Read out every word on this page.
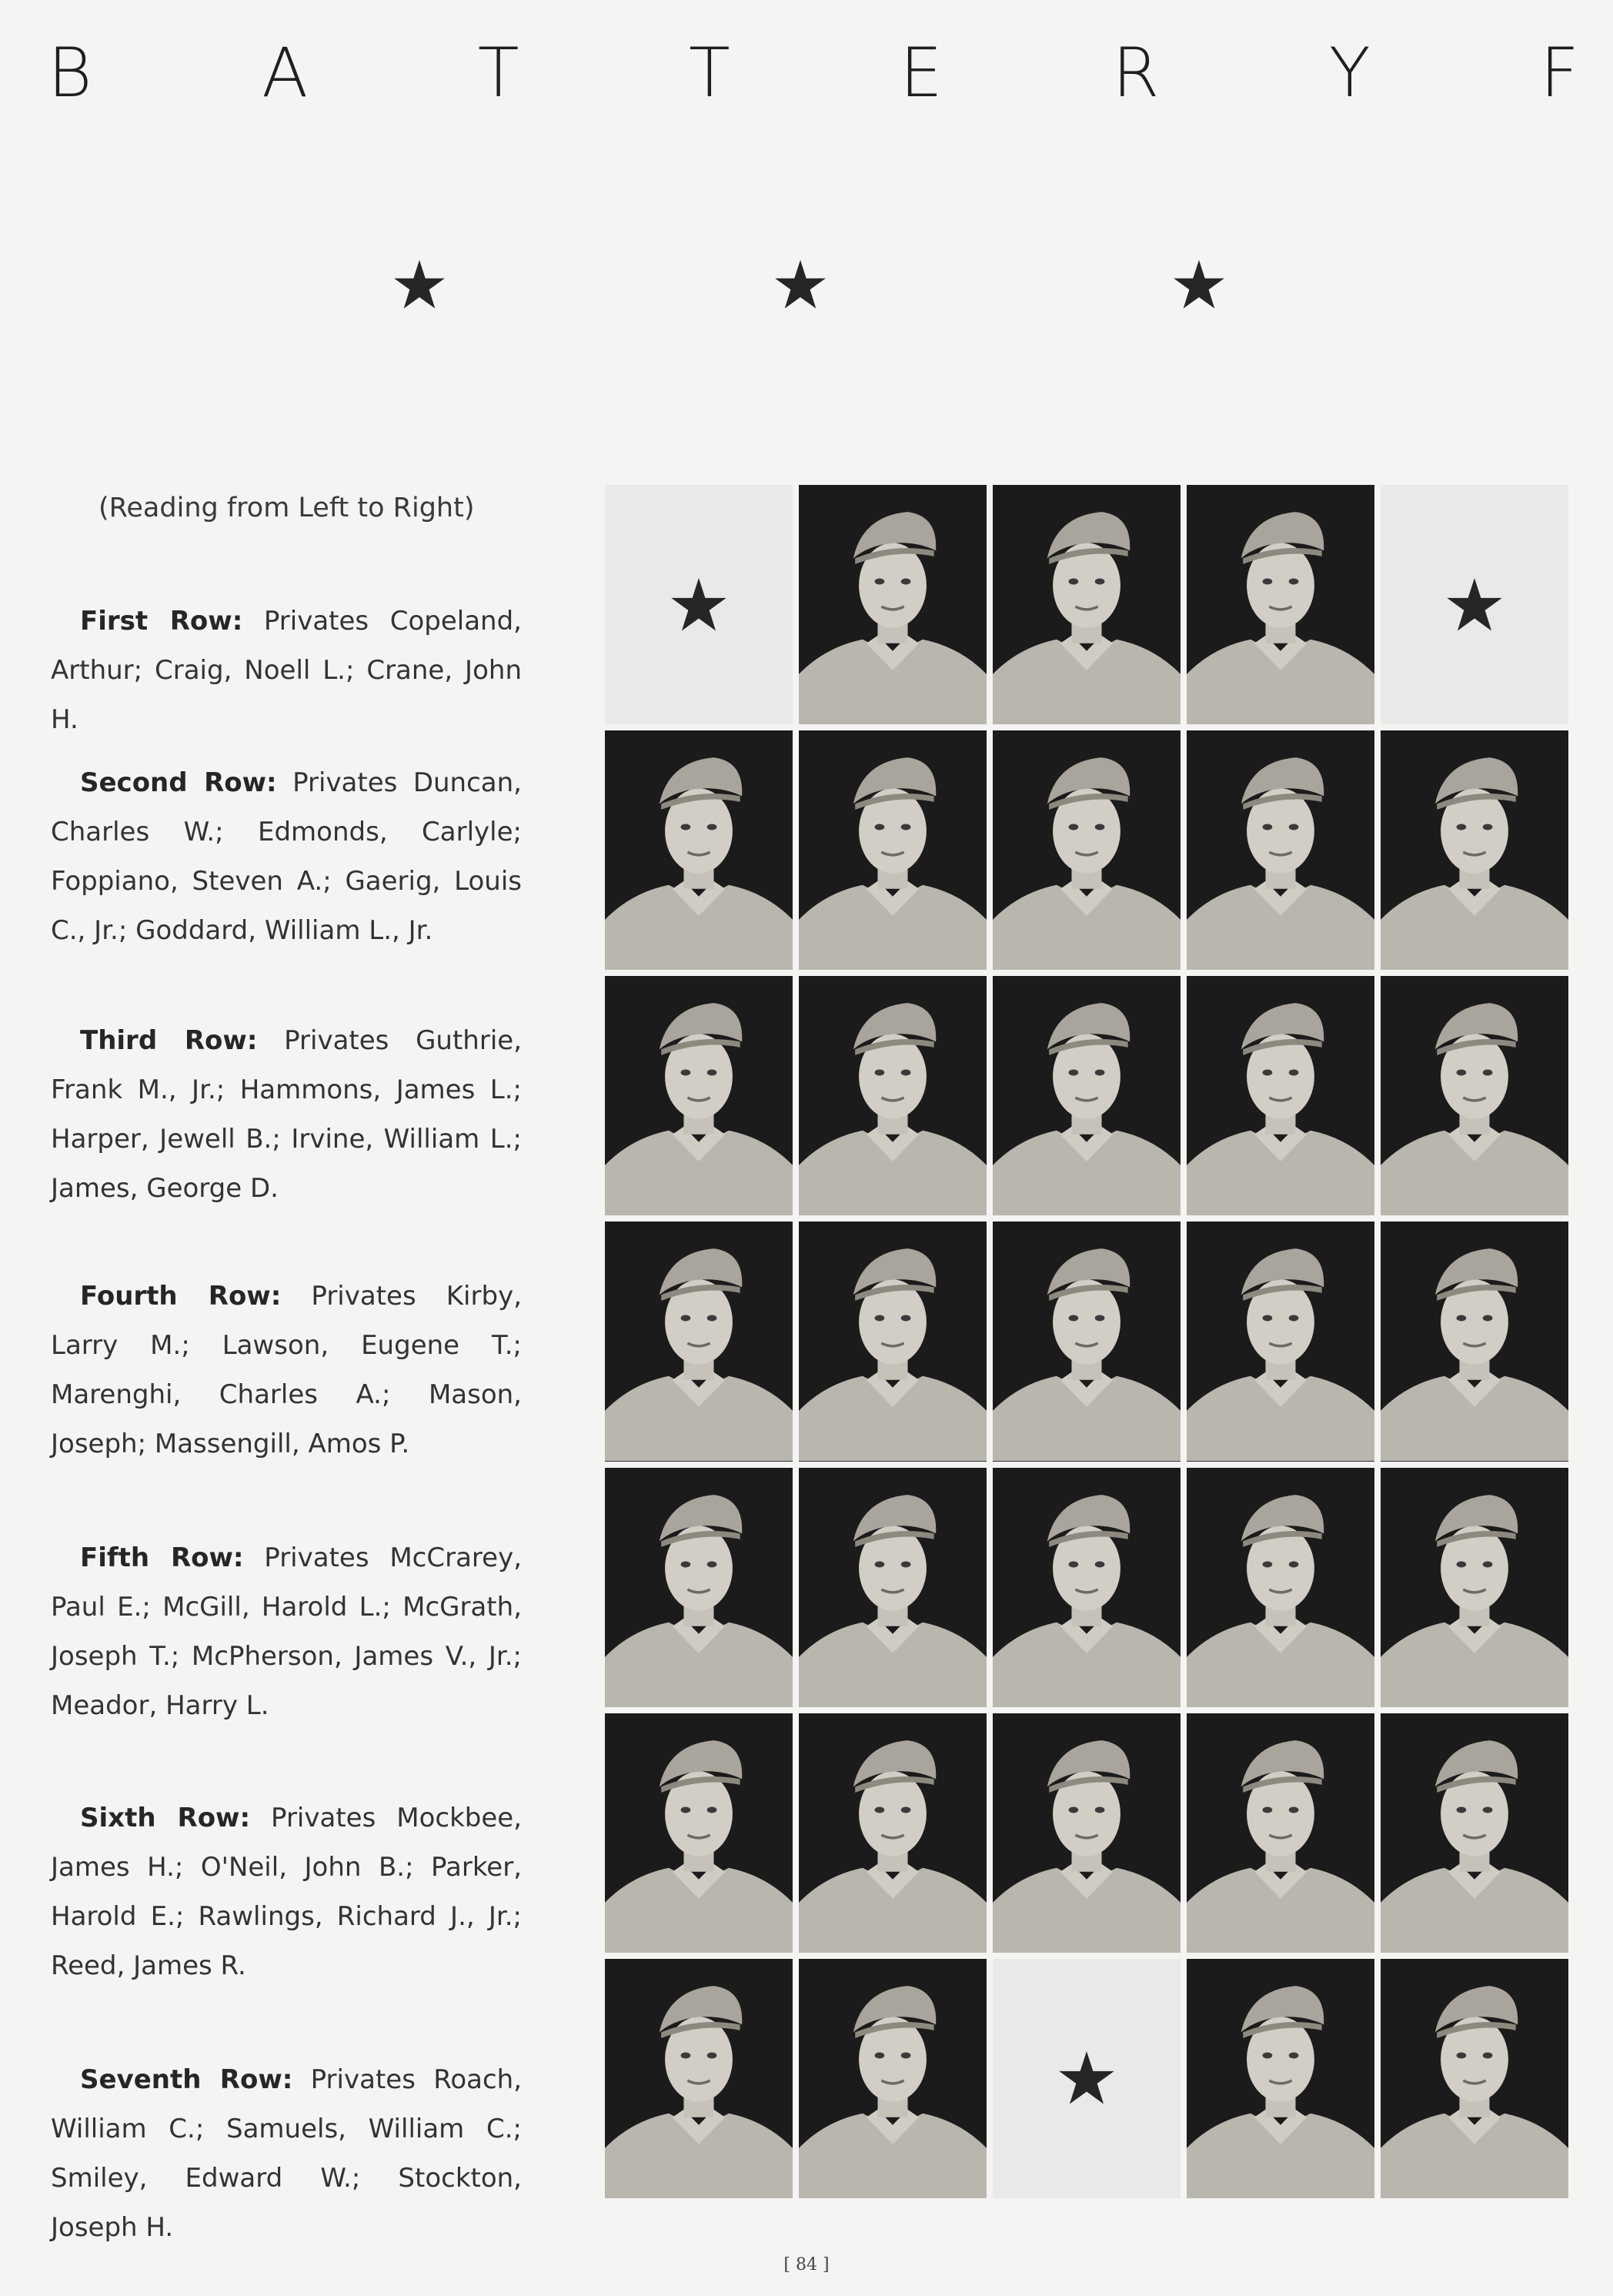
B	A	T	T	E	R	Y	F
(Reading from Left to Right)
First Row: Privates Copeland, Arthur; Craig, Noell L.; Crane, John H.
Second Row: Privates Duncan, Charles W.; Edmonds, Carlyle; Foppiano, Steven A.; Gaerig, Louis C., Jr.; Goddard, William L., Jr.
Third Row: Privates Guthrie, Frank M., Jr.; Hammons, James L.; Harper, Jewell B.; Irvine, William L.; James, George D.
Fourth Row: Privates Kirby, Larry M.; Lawson, Eugene T.; Marenghi, Charles A.; Mason, Joseph; Massengill, Amos P.
Fifth Row: Privates McCrarey, Paul E.; McGill, Harold L.; McGrath, Joseph T.; McPherson, James V., Jr.; Meador, Harry L.
Sixth Row: Privates Mockbee, James H.; O'Neil, John B.; Parker, Harold E.; Rawlings, Richard J., Jr.; Reed, James R.
Seventh Row: Privates Roach, William C.; Samuels, William C.; Smiley, Edward W.; Stockton, Joseph H.
[ 84 ]
